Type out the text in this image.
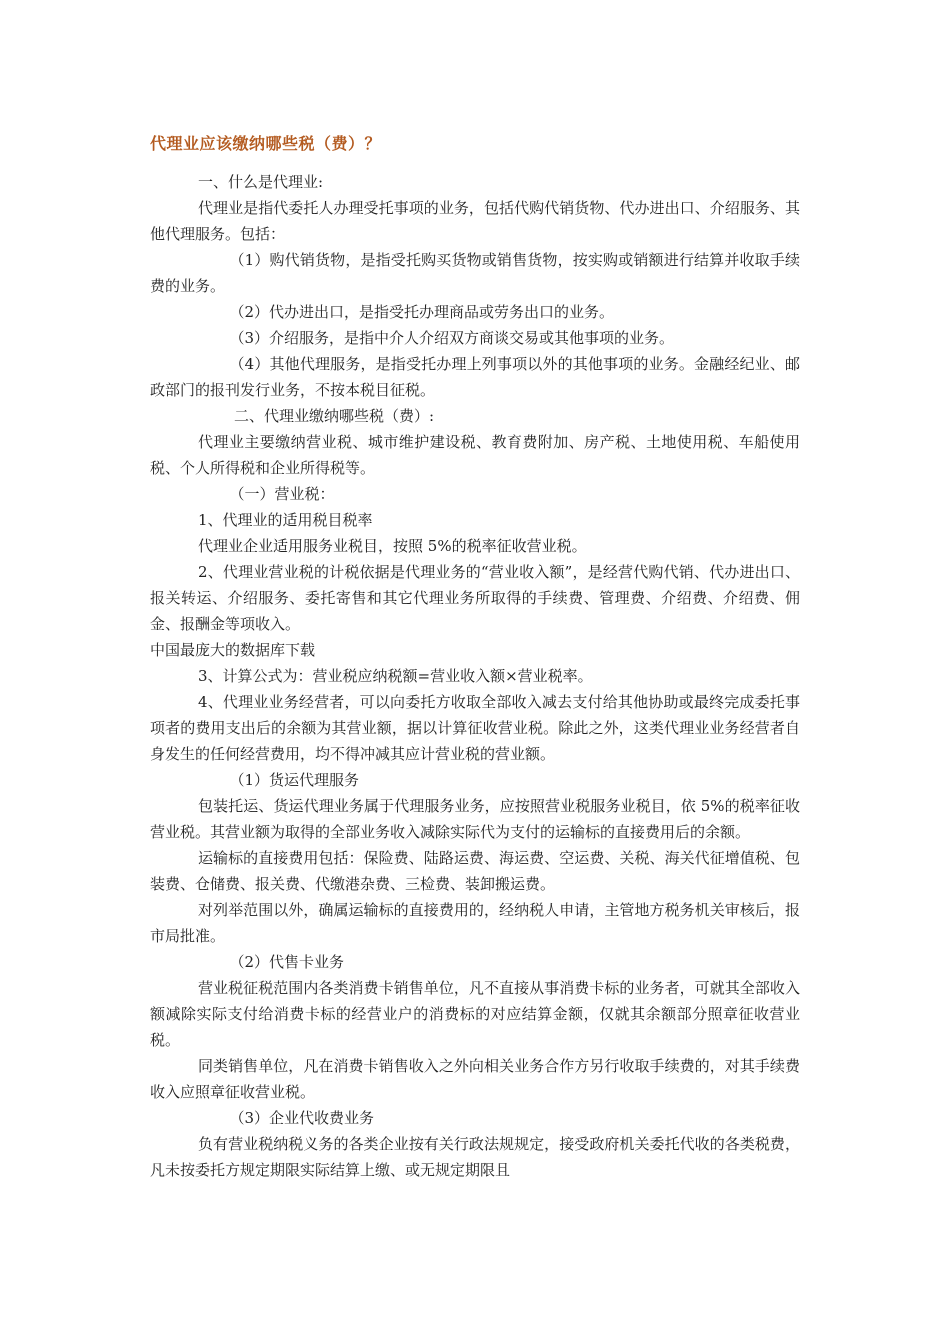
代理业应该缴纳哪些税（费）？

一、什么是代理业:

代理业是指代委托人办理受托事项的业务，包括代购代销货物、代办进出口、介绍服务、其他代理服务。包括：

（1）购代销货物，是指受托购买货物或销售货物，按实购或销额进行结算并收取手续费的业务。

（2）代办进出口，是指受托办理商品或劳务出口的业务。

（3）介绍服务，是指中介人介绍双方商谈交易或其他事项的业务。

（4）其他代理服务，是指受托办理上列事项以外的其他事项的业务。金融经纪业、邮政部门的报刊发行业务，不按本税目征税。

二、代理业缴纳哪些税（费）:

代理业主要缴纳营业税、城市维护建设税、教育费附加、房产税、土地使用税、车船使用税、个人所得税和企业所得税等。

（一）营业税：

1、代理业的适用税目税率

代理业企业适用服务业税目，按照 5%的税率征收营业税。

2、代理业营业税的计税依据是代理业务的“营业收入额”，是经营代购代销、代办进出口、报关转运、介绍服务、委托寄售和其它代理业务所取得的手续费、管理费、介绍费、介绍费、佣金、报酬金等项收入。

中国最庞大的数据库下载

3、计算公式为：营业税应纳税额=营业收入额×营业税率。

4、代理业业务经营者，可以向委托方收取全部收入减去支付给其他协助或最终完成委托事项者的费用支出后的余额为其营业额，据以计算征收营业税。除此之外，这类代理业业务经营者自身发生的任何经营费用，均不得冲减其应计营业税的营业额。

（1）货运代理服务

包装托运、货运代理业务属于代理服务业务，应按照营业税服务业税目，依 5%的税率征收营业税。其营业额为取得的全部业务收入减除实际代为支付的运输标的直接费用后的余额。

运输标的直接费用包括：保险费、陆路运费、海运费、空运费、关税、海关代征增值税、包装费、仓储费、报关费、代缴港杂费、三检费、装卸搬运费。

对列举范围以外，确属运输标的直接费用的，经纳税人申请，主管地方税务机关审核后，报市局批准。

（2）代售卡业务

营业税征税范围内各类消费卡销售单位，凡不直接从事消费卡标的业务者，可就其全部收入额减除实际支付给消费卡标的经营业户的消费标的对应结算金额，仅就其余额部分照章征收营业税。

同类销售单位，凡在消费卡销售收入之外向相关业务合作方另行收取手续费的，对其手续费收入应照章征收营业税。

（3）企业代收费业务

负有营业税纳税义务的各类企业按有关行政法规规定，接受政府机关委托代收的各类税费，凡未按委托方规定期限实际结算上缴、或无规定期限且
